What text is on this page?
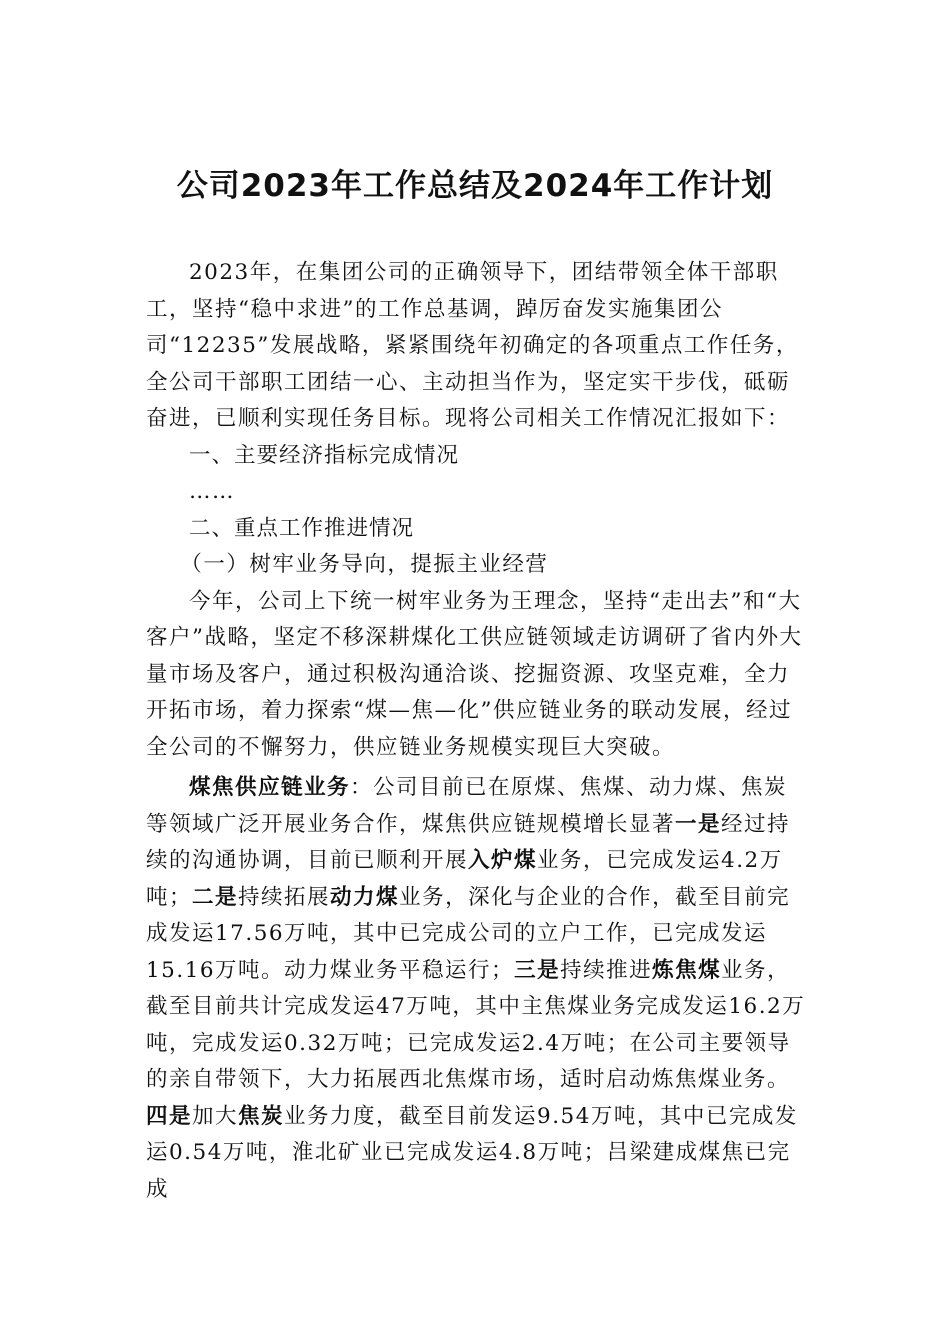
公司2023年工作总结及2024年工作计划

2023年，在集团公司的正确领导下，团结带领全体干部职工，坚持“稳中求进”的工作总基调，踔厉奋发实施集团公司“12235”发展战略，紧紧围绕年初确定的各项重点工作任务，全公司干部职工团结一心、主动担当作为，坚定实干步伐，砥砺奋进，已顺利实现任务目标。现将公司相关工作情况汇报如下：

一、主要经济指标完成情况

……

二、重点工作推进情况

（一）树牢业务导向，提振主业经营

今年，公司上下统一树牢业务为王理念，坚持“走出去”和“大客户”战略，坚定不移深耕煤化工供应链领域走访调研了省内外大量市场及客户，通过积极沟通洽谈、挖掘资源、攻坚克难，全力开拓市场，着力探索“煤—焦—化”供应链业务的联动发展，经过全公司的不懈努力，供应链业务规模实现巨大突破。

煤焦供应链业务：公司目前已在原煤、焦煤、动力煤、焦炭等领域广泛开展业务合作，煤焦供应链规模增长显著一是经过持续的沟通协调，目前已顺利开展入炉煤业务，已完成发运4.2万吨；二是持续拓展动力煤业务，深化与企业的合作，截至目前完成发运17.56万吨，其中已完成公司的立户工作，已完成发运15.16万吨。动力煤业务平稳运行；三是持续推进炼焦煤业务，截至目前共计完成发运47万吨，其中主焦煤业务完成发运16.2万吨，完成发运0.32万吨；已完成发运2.4万吨；在公司主要领导的亲自带领下，大力拓展西北焦煤市场，适时启动炼焦煤业务。四是加大焦炭业务力度，截至目前发运9.54万吨，其中已完成发运0.54万吨，淮北矿业已完成发运4.8万吨；吕梁建成煤焦已完成
